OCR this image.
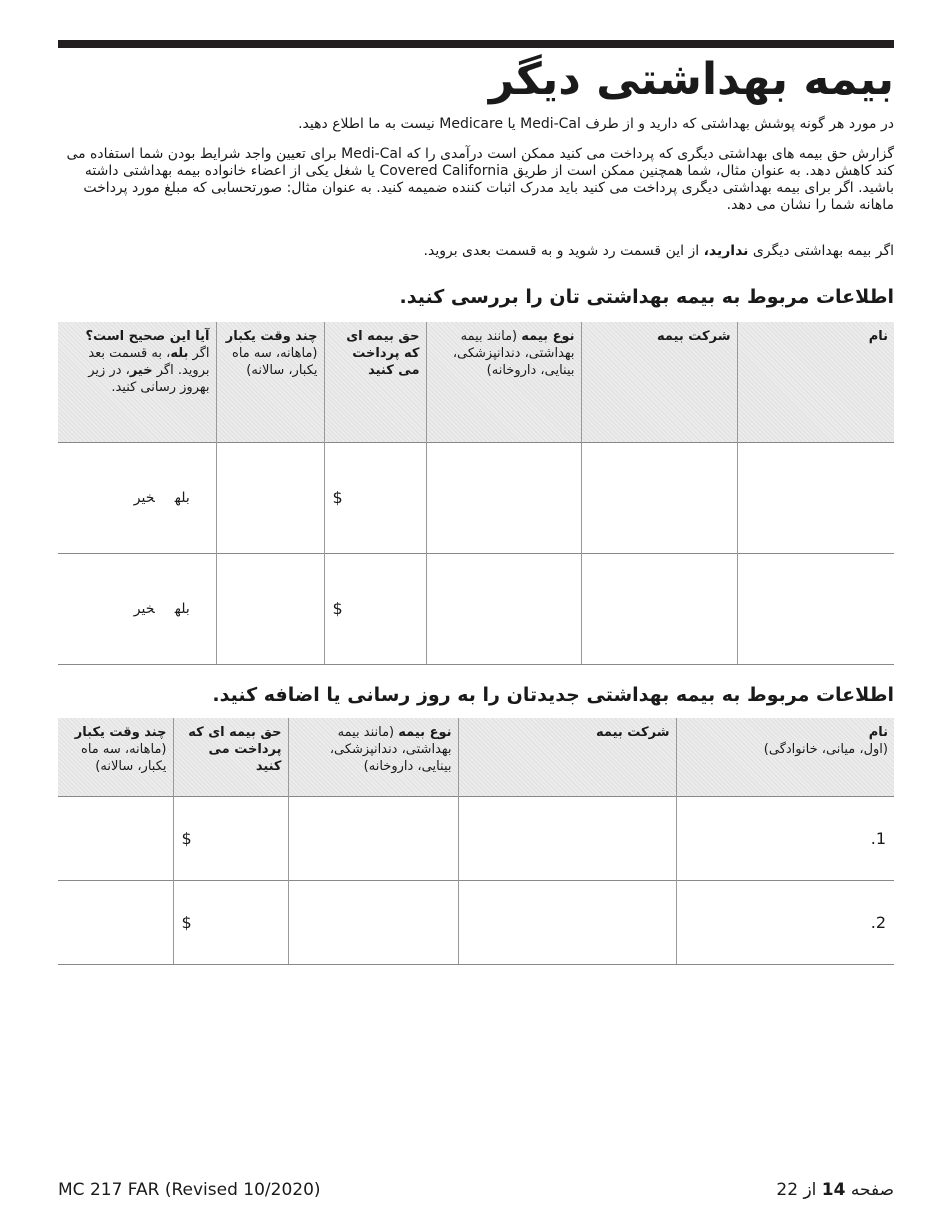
بیمه بهداشتی دیگر

در مورد هر گونه پوشش بهداشتی که دارید و از طرف Medi-Cal یا Medicare نیست به ما اطلاع دهید.

گزارش حق بیمه های بهداشتی دیگری که پرداخت می کنید ممکن است درآمدی را که Medi-Cal برای تعیین واجد شرایط بودن شما استفاده می کند کاهش دهد. به عنوان مثال، شما همچنین ممکن است از طریق Covered California یا شغل یکی از اعضاء خانواده بیمه بهداشتی داشته باشید. اگر برای بیمه بهداشتی دیگری پرداخت می کنید باید مدرک اثبات کننده ضمیمه کنید. به عنوان مثال: صورتحسابی که مبلغ مورد پرداخت ماهانه شما را نشان می دهد.

اگر بیمه بهداشتی دیگری ندارید، از این قسمت رد شوید و به قسمت بعدی بروید.

اطلاعات مربوط به بیمه بهداشتی تان را بررسی کنید.
نام	شرکت بیمه	نوع بیمه (مانند بیمه بهداشتی، دندانپزشکی، بینایی، داروخانه)	حق بیمه ای که پرداخت می کنید	چند وقت یکبار (ماهانه، سه ماه یکبار، سالانه)	آیا این صحیح است؟
اگر بله، به قسمت بعد بروید. اگر خیر، در زیر بهروز رسانی کنید.

			$		بلهخیر

			$		بلهخیر
اطلاعات مربوط به بیمه بهداشتی جدیدتان را به روز رسانی یا اضافه کنید.
نام
(اول، میانی، خانوادگی)	شرکت بیمه	نوع بیمه (مانند بیمه بهداشتی، دندانپزشکی، بینایی، داروخانه)	حق بیمه ای که پرداخت می کنید	چند وقت یکبار (ماهانه، سه ماه یکبار، سالانه)

1.			$	

2.			$	

MC 217 FAR (Revised 10/2020)	صفحه 14 از 22
